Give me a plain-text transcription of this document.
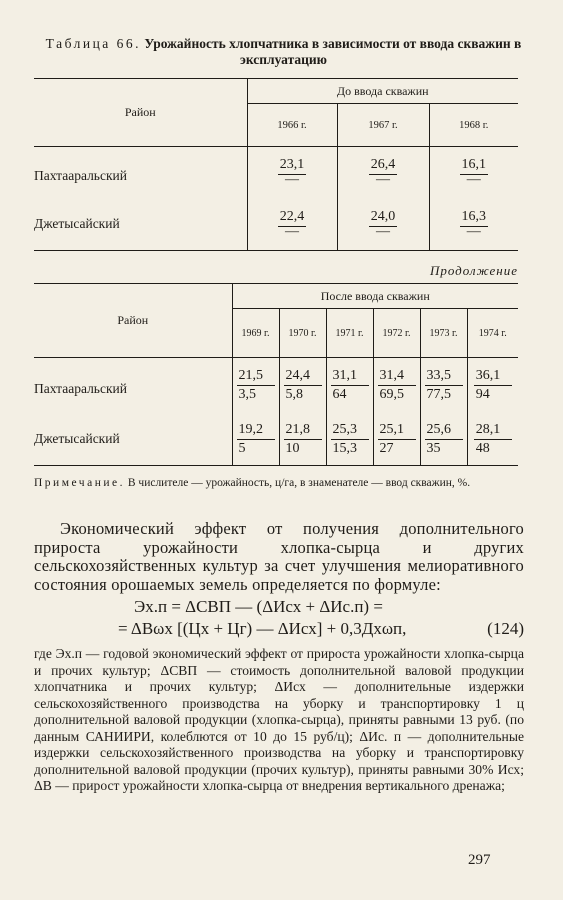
Таблица 66. Урожайность хлопчатника в зависимости от ввода скважин в эксплуатацию
Район	До ввода скважин		
	1966 г.	1967 г.	1968 г.
Пахтааральский	$\frac{23,1}{—}$	$\frac{26,4}{—}$	$\frac{16,1}{—}$

Джетысайский	$\frac{22,4}{—}$	$\frac{24,0}{—}$	$\frac{16,3}{—}$
Продолжение
Район	После ввода скважин					
	1969 г.	1970 г.	1971 г.	1972 г.	1973 г.	1974 г.
Пахтааральский	$\frac{21,5}{3,5}$	$\frac{24,4}{5,8}$	$\frac{31,1}{64}$	$\frac{31,4}{69,5}$	$\frac{33,5}{77,5}$	$\frac{36,1}{94}$

Джетысайский	$\frac{19,2}{5}$	$\frac{21,8}{10}$	$\frac{25,3}{15,3}$	$\frac{25,1}{27}$	$\frac{25,6}{35}$	$\frac{28,1}{48}$
Примечание. В числителе — урожайность, ц/га, в знаменателе — ввод скважин, %.
Экономический эффект от получения дополнительного прироста урожайности хлопка-сырца и других сельскохозяйственных культур за счет улучшения мелиоративного состояния орошаемых земель определяется по формуле:
Эх.п = ΔСВП — (ΔИсх + ΔИс.п) =
= ΔВωх [(Цх + Цг) — ΔИсх] + 0,3Дхωп,	(124)
где Эх.п — годовой экономический эффект от прироста урожайности хлопка-сырца и прочих культур; ΔСВП — стоимость дополнительной валовой продукции хлопчатника и прочих культур; ΔИсх — дополнительные издержки сельскохозяйственного производства на уборку и транспортировку 1 ц дополнительной валовой продукции (хлопка-сырца), приняты равными 13 руб. (по данным САНИИРИ, колеблются от 10 до 15 руб/ц); ΔИс. п — дополнительные издержки сельскохозяйственного производства на уборку и транспортировку дополнительной валовой продукции (прочих культур), приняты равными 30% Исх; ΔВ — прирост урожайности хлопка-сырца от внедрения вертикального дренажа;
297
